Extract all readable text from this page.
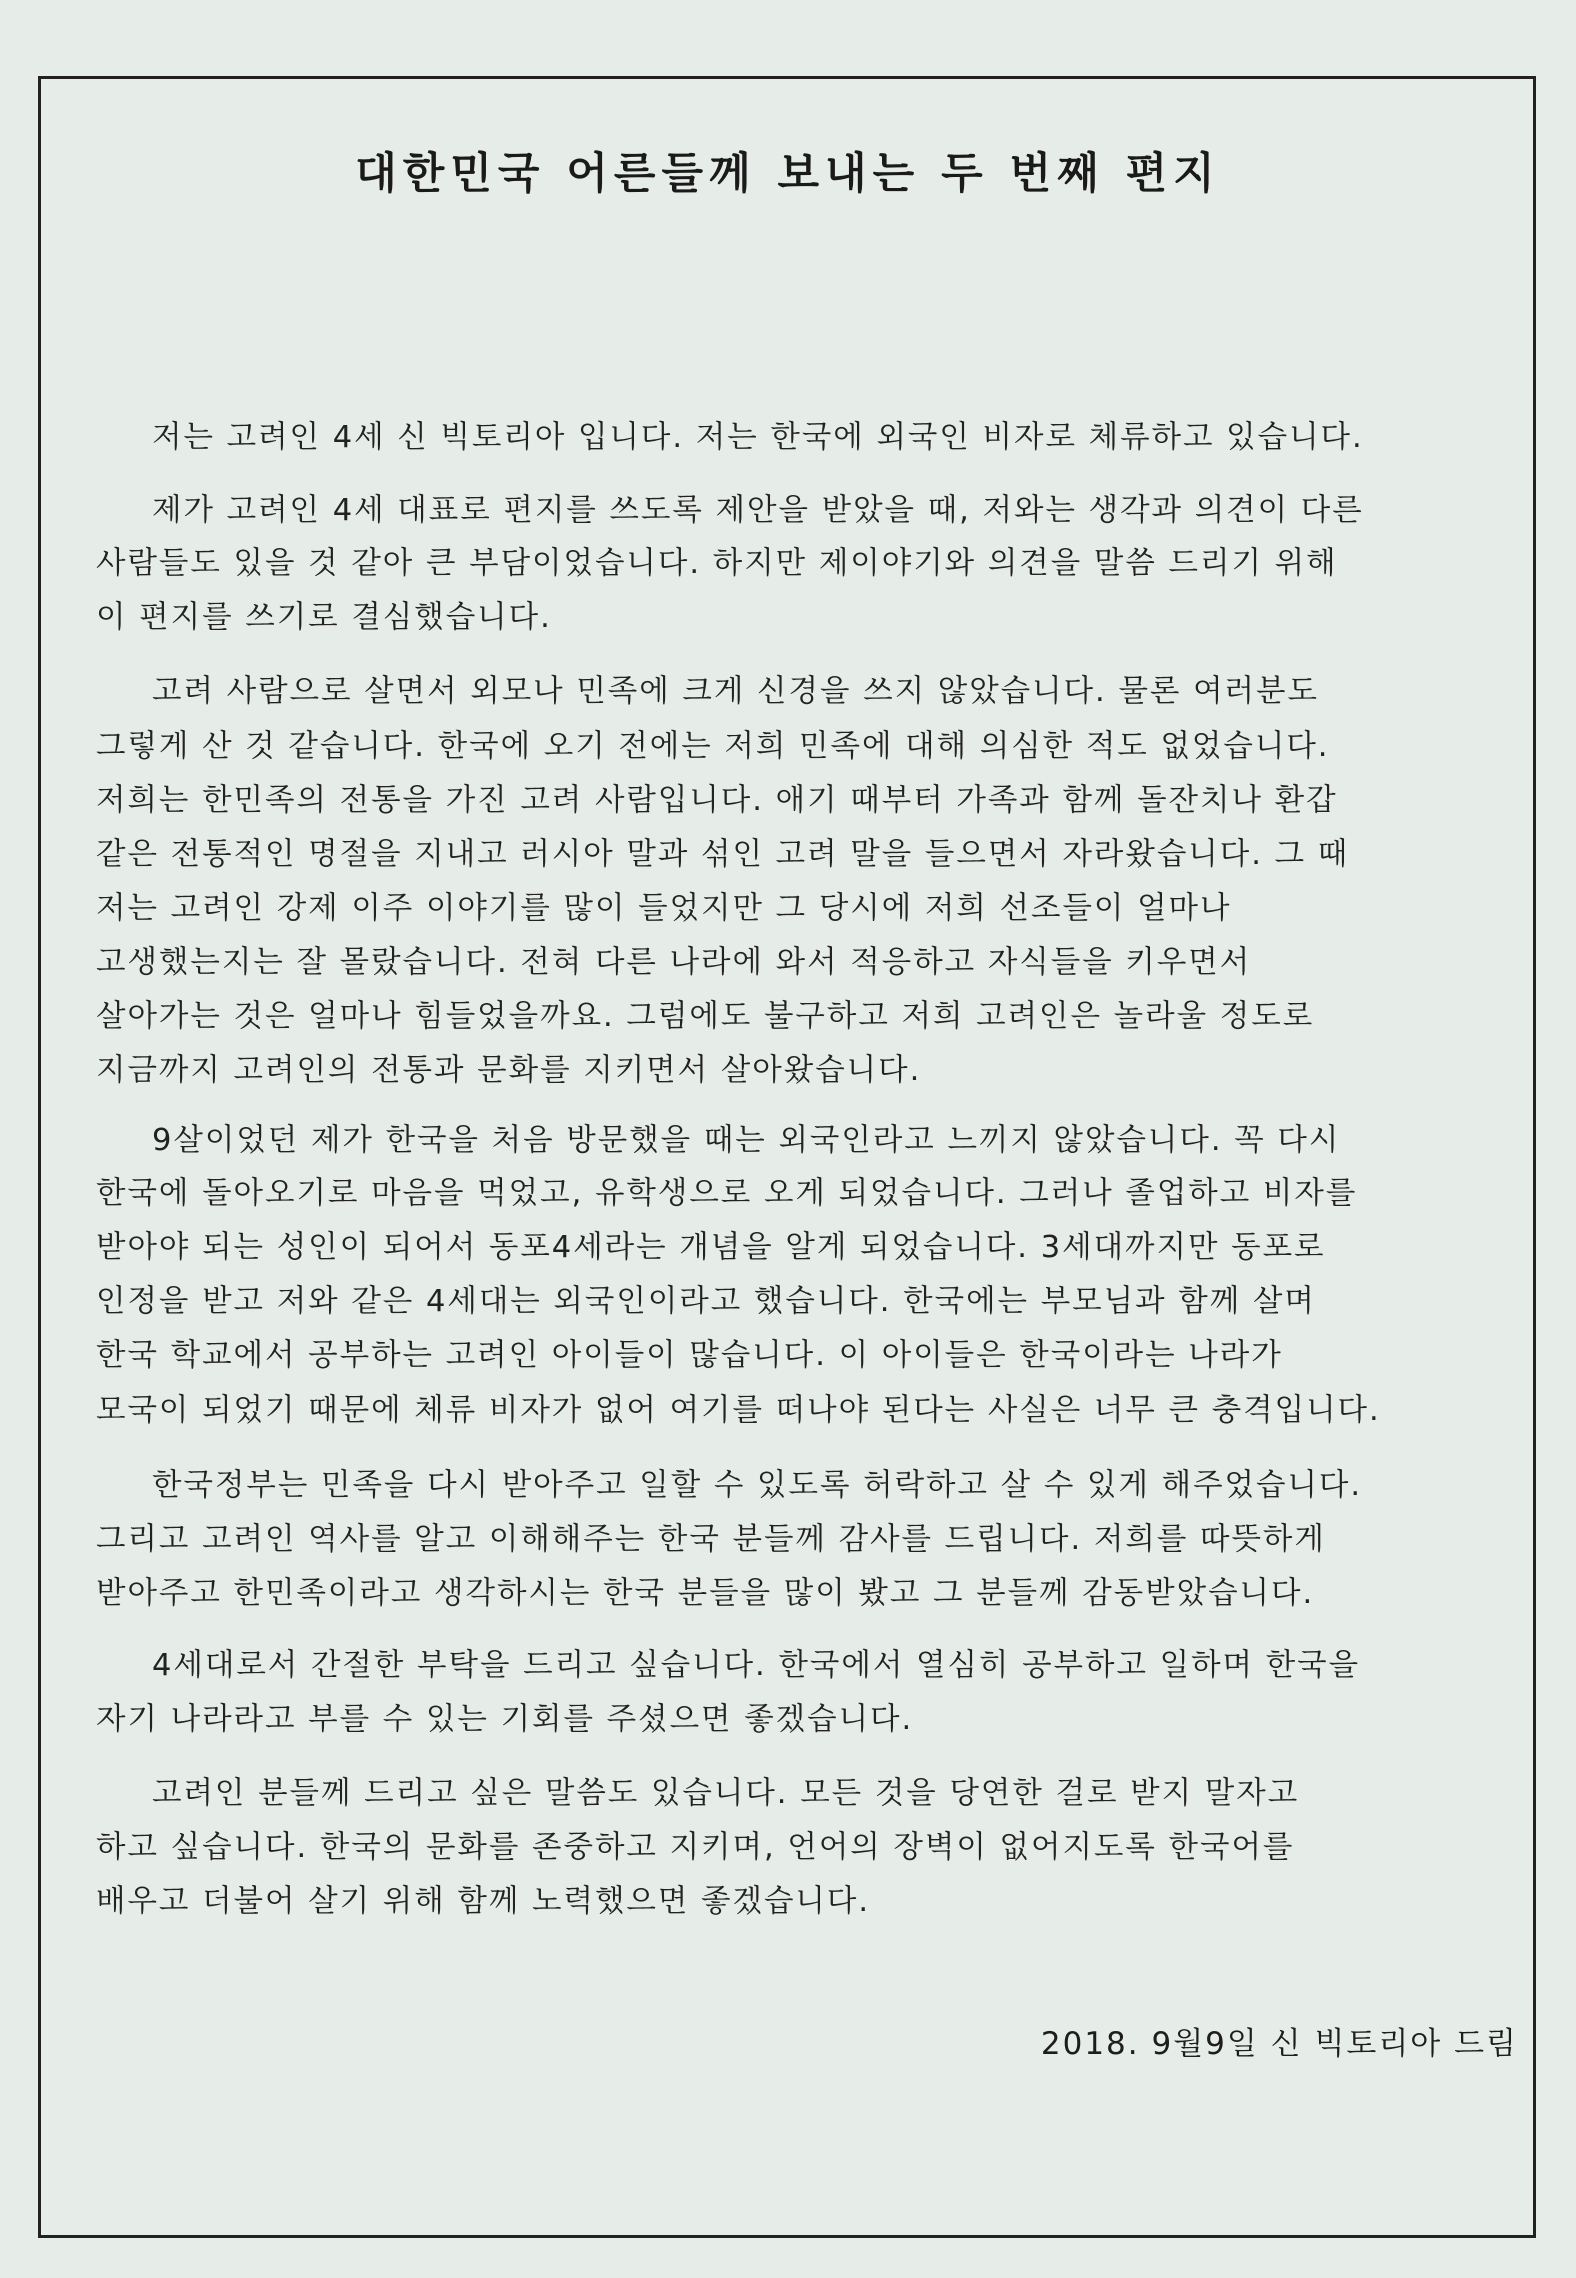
대한민국 어른들께 보내는 두 번째 편지
저는 고려인 4세 신 빅토리아 입니다. 저는 한국에 외국인 비자로 체류하고 있습니다.
제가 고려인 4세 대표로 편지를 쓰도록 제안을 받았을 때, 저와는 생각과 의견이 다른
사람들도 있을 것 같아 큰 부담이었습니다. 하지만 제이야기와 의견을 말씀 드리기 위해
이 편지를 쓰기로 결심했습니다.
고려 사람으로 살면서 외모나 민족에 크게 신경을 쓰지 않았습니다. 물론 여러분도
그렇게 산 것 같습니다. 한국에 오기 전에는 저희 민족에 대해 의심한 적도 없었습니다.
저희는 한민족의 전통을 가진 고려 사람입니다. 애기 때부터 가족과 함께 돌잔치나 환갑
같은 전통적인 명절을 지내고 러시아 말과 섞인 고려 말을 들으면서 자라왔습니다. 그 때
저는 고려인 강제 이주 이야기를 많이 들었지만 그 당시에 저희 선조들이 얼마나
고생했는지는 잘 몰랐습니다. 전혀 다른 나라에 와서 적응하고 자식들을 키우면서
살아가는 것은 얼마나 힘들었을까요. 그럼에도 불구하고 저희 고려인은 놀라울 정도로
지금까지 고려인의 전통과 문화를 지키면서 살아왔습니다.
9살이었던 제가 한국을 처음 방문했을 때는 외국인라고 느끼지 않았습니다. 꼭 다시
한국에 돌아오기로 마음을 먹었고, 유학생으로 오게 되었습니다. 그러나 졸업하고 비자를
받아야 되는 성인이 되어서 동포4세라는 개념을 알게 되었습니다. 3세대까지만 동포로
인정을 받고 저와 같은 4세대는 외국인이라고 했습니다. 한국에는 부모님과 함께 살며
한국 학교에서 공부하는 고려인 아이들이 많습니다. 이 아이들은 한국이라는 나라가
모국이 되었기 때문에 체류 비자가 없어 여기를 떠나야 된다는 사실은 너무 큰 충격입니다.
한국정부는 민족을 다시 받아주고 일할 수 있도록 허락하고 살 수 있게 해주었습니다.
그리고 고려인 역사를 알고 이해해주는 한국 분들께 감사를 드립니다. 저희를 따뜻하게
받아주고 한민족이라고 생각하시는 한국 분들을 많이 봤고 그 분들께 감동받았습니다.
4세대로서 간절한 부탁을 드리고 싶습니다. 한국에서 열심히 공부하고 일하며 한국을
자기 나라라고 부를 수 있는 기회를 주셨으면 좋겠습니다.
고려인 분들께 드리고 싶은 말씀도 있습니다. 모든 것을 당연한 걸로 받지 말자고
하고 싶습니다. 한국의 문화를 존중하고 지키며, 언어의 장벽이 없어지도록 한국어를
배우고 더불어 살기 위해 함께 노력했으면 좋겠습니다.
2018. 9월9일 신 빅토리아 드림
